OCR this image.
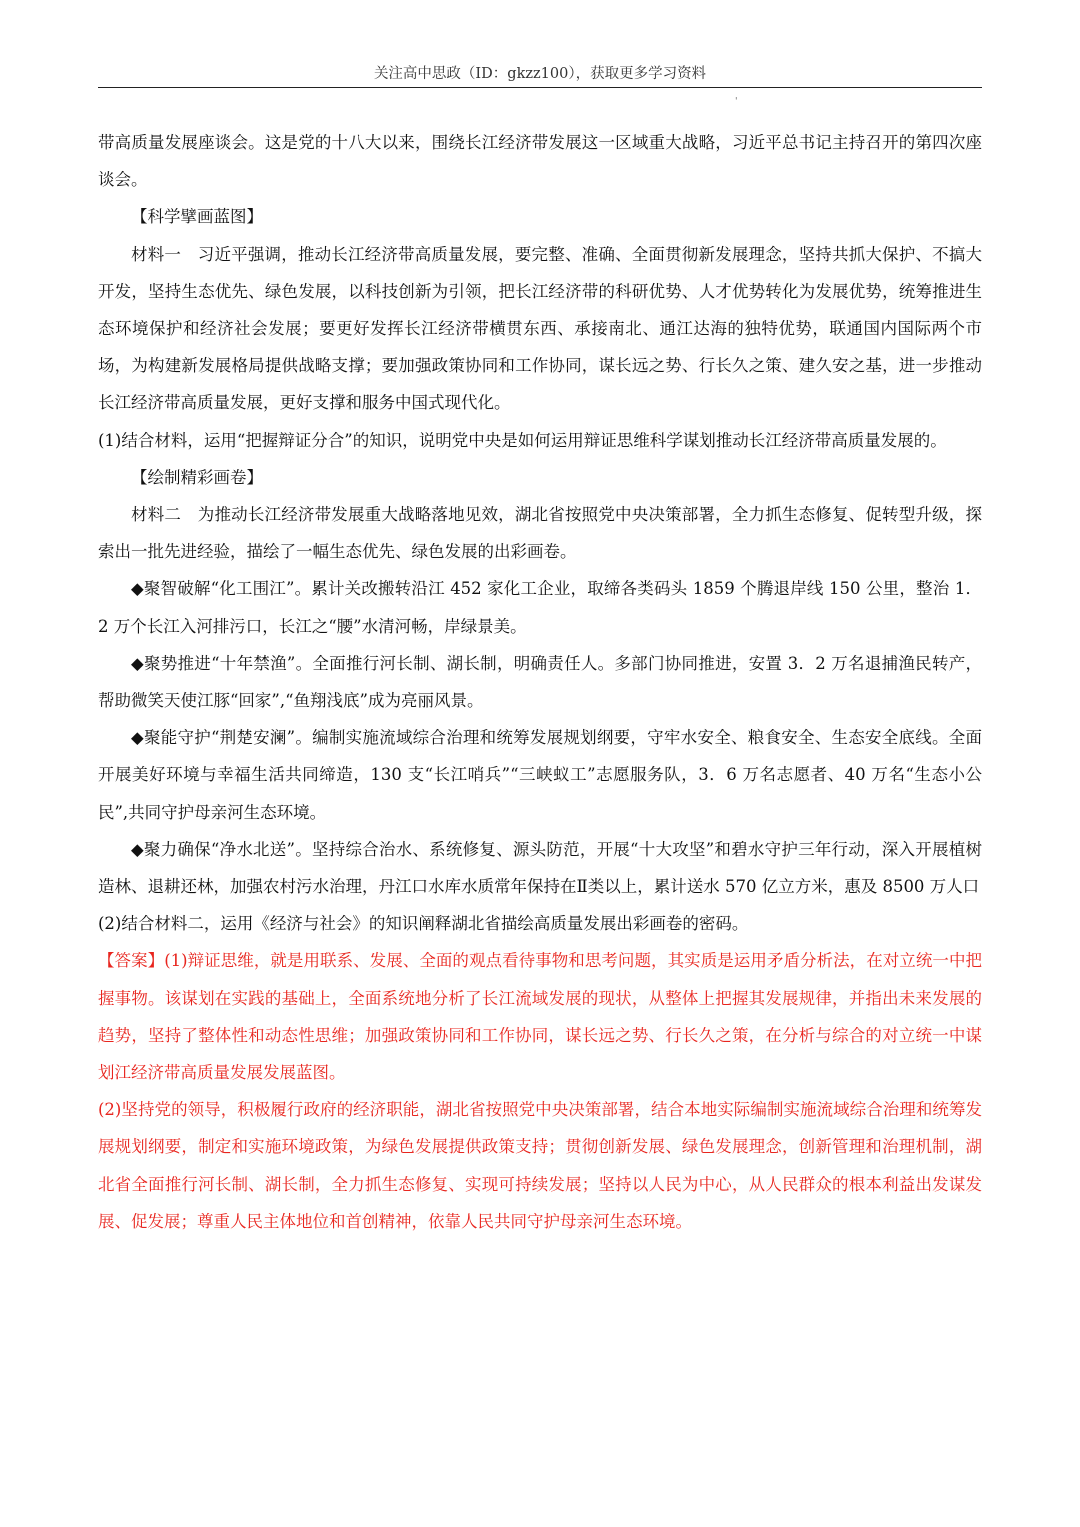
关注高中思政（ID：gkzz100），获取更多学习资料
'

带高质量发展座谈会。这是党的十八大以来，围绕长江经济带发展这一区域重大战略，习近平总书记主持召开的第四次座谈会。

【科学擘画蓝图】

材料一　习近平强调，推动长江经济带高质量发展，要完整、准确、全面贯彻新发展理念，坚持共抓大保护、不搞大开发，坚持生态优先、绿色发展，以科技创新为引领，把长江经济带的科研优势、人才优势转化为发展优势，统筹推进生态环境保护和经济社会发展；要更好发挥长江经济带横贯东西、承接南北、通江达海的独特优势，联通国内国际两个市场，为构建新发展格局提供战略支撑；要加强政策协同和工作协同，谋长远之势、行长久之策、建久安之基，进一步推动长江经济带高质量发展，更好支撑和服务中国式现代化。

(1)结合材料，运用“把握辩证分合”的知识，说明党中央是如何运用辩证思维科学谋划推动长江经济带高质量发展的。

【绘制精彩画卷】

材料二　为推动长江经济带发展重大战略落地见效，湖北省按照党中央决策部署，全力抓生态修复、促转型升级，探索出一批先进经验，描绘了一幅生态优先、绿色发展的出彩画卷。

◆聚智破解“化工围江”。累计关改搬转沿江 452 家化工企业，取缔各类码头 1859 个腾退岸线 150 公里，整治 1．2 万个长江入河排污口，长江之“腰”水清河畅，岸绿景美。

◆聚势推进“十年禁渔”。全面推行河长制、湖长制，明确责任人。多部门协同推进，安置 3．2 万名退捕渔民转产，帮助微笑天使江豚“回家”,“鱼翔浅底”成为亮丽风景。

◆聚能守护“荆楚安澜”。编制实施流域综合治理和统筹发展规划纲要，守牢水安全、粮食安全、生态安全底线。全面开展美好环境与幸福生活共同缔造，130 支“长江哨兵”“三峡蚁工”志愿服务队，3．6 万名志愿者、40 万名“生态小公民”,共同守护母亲河生态环境。

◆聚力确保“净水北送”。坚持综合治水、系统修复、源头防范，开展“十大攻坚”和碧水守护三年行动，深入开展植树造林、退耕还林，加强农村污水治理，丹江口水库水质常年保持在Ⅱ类以上，累计送水 570 亿立方米，惠及 8500 万人口

(2)结合材料二，运用《经济与社会》的知识阐释湖北省描绘高质量发展出彩画卷的密码。

【答案】(1)辩证思维，就是用联系、发展、全面的观点看待事物和思考问题，其实质是运用矛盾分析法，在对立统一中把握事物。该谋划在实践的基础上，全面系统地分析了长江流域发展的现状，从整体上把握其发展规律，并指出未来发展的趋势，坚持了整体性和动态性思维；加强政策协同和工作协同，谋长远之势、行长久之策，在分析与综合的对立统一中谋划江经济带高质量发展发展蓝图。

(2)坚持党的领导，积极履行政府的经济职能，湖北省按照党中央决策部署，结合本地实际编制实施流域综合治理和统筹发展规划纲要，制定和实施环境政策，为绿色发展提供政策支持；贯彻创新发展、绿色发展理念，创新管理和治理机制，湖北省全面推行河长制、湖长制，全力抓生态修复、实现可持续发展；坚持以人民为中心，从人民群众的根本利益出发谋发展、促发展；尊重人民主体地位和首创精神，依靠人民共同守护母亲河生态环境。
